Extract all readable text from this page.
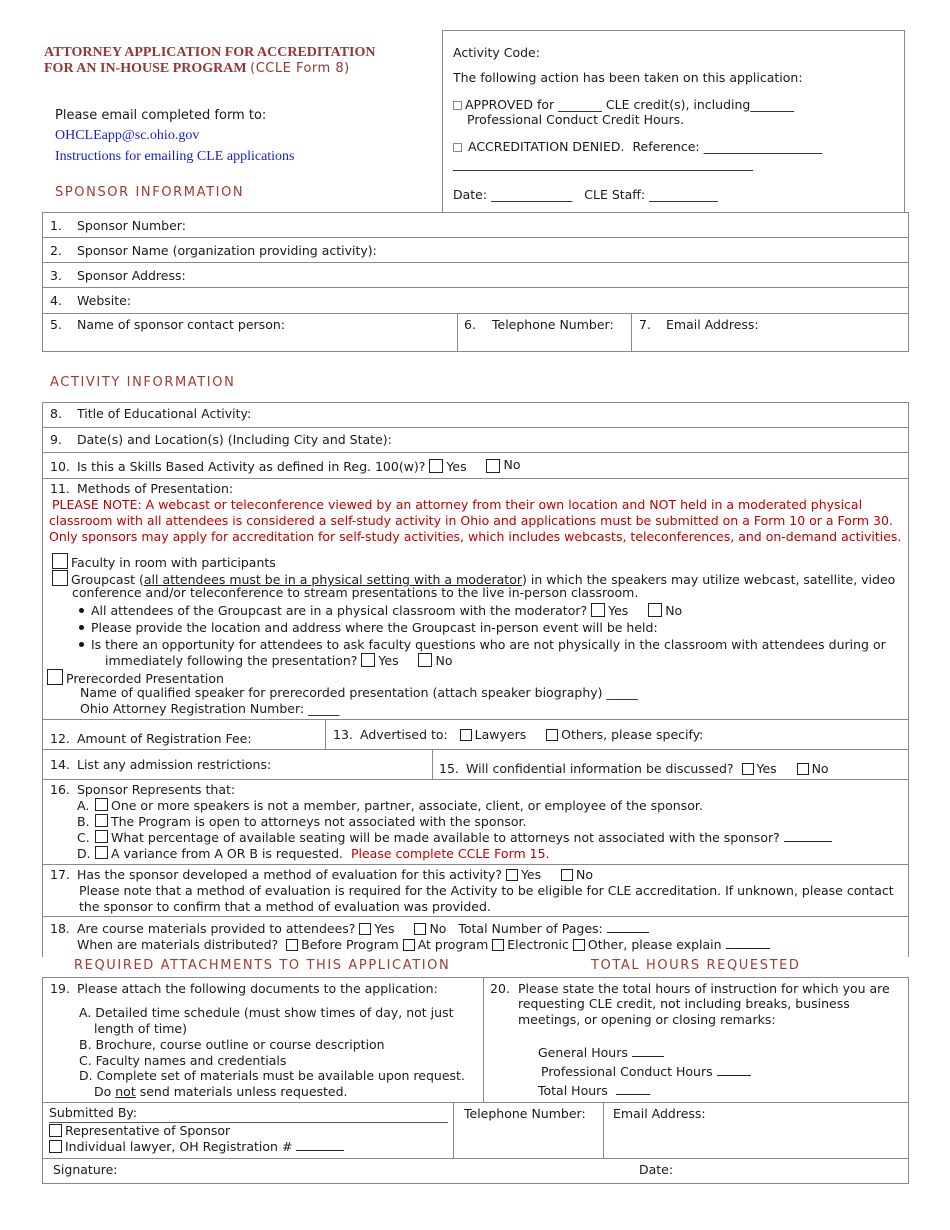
ATTORNEY APPLICATION FOR ACCREDITATION
FOR AN IN-HOUSE PROGRAM (CCLE Form 8)
Please email completed form to:
OHCLEapp@sc.ohio.gov
Instructions for emailing CLE applications
SPONSOR INFORMATION
Activity Code:
The following action has been taken on this application:
APPROVED for _______ CLE credit(s), including_______
Professional Conduct Credit Hours.
ACCREDITATION DENIED. Reference: ___________________
________________________________________________
Date: _____________ CLE Staff: ___________
1. Sponsor Number:
2. Sponsor Name (organization providing activity):
3. Sponsor Address:
4. Website:
5. Name of sponsor contact person:	6. Telephone Number: 7. Email Address:
ACTIVITY INFORMATION
8. Title of Educational Activity:
9. Date(s) and Location(s) (Including City and State):
10. Is this a Skills Based Activity as defined in Reg. 100(w)? Yes	No
11. Methods of Presentation:
PLEASE NOTE: A webcast or teleconference viewed by an attorney from their own location and NOT held in a moderated physical
classroom with all attendees is considered a self-study activity in Ohio and applications must be submitted on a Form 10 or a Form 30.
Only sponsors may apply for accreditation for self-study activities, which includes webcasts, teleconferences, and on-demand activities.
Faculty in room with participants
Groupcast (all attendees must be in a physical setting with a moderator) in which the speakers may utilize webcast, satellite, video
conference and/or teleconference to stream presentations to the live in-person classroom.
All attendees of the Groupcast are in a physical classroom with the moderator? Yes	No
Please provide the location and address where the Groupcast in-person event will be held:
Is there an opportunity for attendees to ask faculty questions who are not physically in the classroom with attendees during or
immediately following the presentation? Yes	No
Prerecorded Presentation
Name of qualified speaker for prerecorded presentation (attach speaker biography) _____
Ohio Attorney Registration Number: _____
12. Amount of Registration Fee:	13. Advertised to: Lawyers	Others, please specify:
14. List any admission restrictions:	15. Will confidential information be discussed? Yes	No
16. Sponsor Represents that:
A. One or more speakers is not a member, partner, associate, client, or employee of the sponsor.
B. The Program is open to attorneys not associated with the sponsor.
C. What percentage of available seating will be made available to attorneys not associated with the sponsor?
D. A variance from A OR B is requested. Please complete CCLE Form 15.
17. Has the sponsor developed a method of evaluation for this activity? Yes	No
Please note that a method of evaluation is required for the Activity to be eligible for CLE accreditation. If unknown, please contact
the sponsor to confirm that a method of evaluation was provided.
18. Are course materials provided to attendees? Yes	No Total Number of Pages:
When are materials distributed? Before Program At program Electronic Other, please explain
REQUIRED ATTACHMENTS TO THIS APPLICATION	TOTAL HOURS REQUESTED
19. Please attach the following documents to the application:
A. Detailed time schedule (must show times of day, not just
length of time)
B. Brochure, course outline or course description
C. Faculty names and credentials
D. Complete set of materials must be available upon request.
Do not send materials unless requested.
20. Please state the total hours of instruction for which you are
requesting CLE credit, not including breaks, business
meetings, or opening or closing remarks:
General Hours
Professional Conduct Hours
Total Hours
Submitted By:
Representative of Sponsor
Individual lawyer, OH Registration #
Telephone Number: Email Address:
Signature:	Date:
